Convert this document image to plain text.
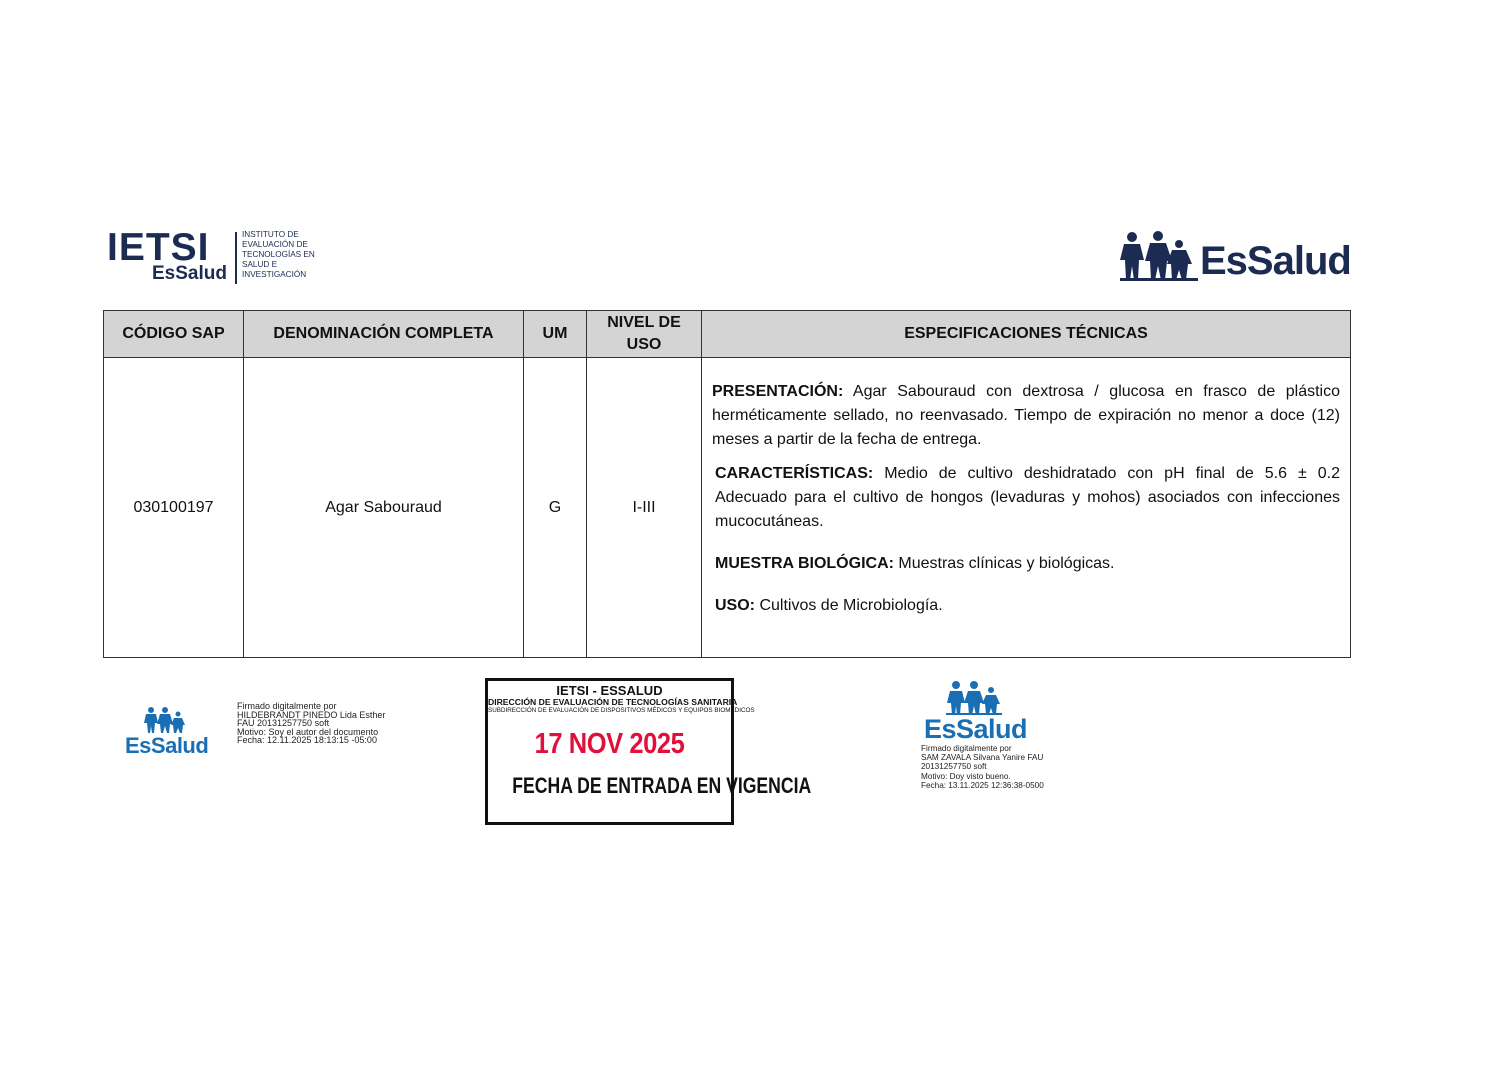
IETSI
EsSalud
INSTITUTO DE
EVALUACIÓN DE
TECNOLOGÍAS EN
SALUD E
INVESTIGACIÓN	EsSalud
CÓDIGO SAP	DENOMINACIÓN COMPLETA	UM	NIVEL DE USO	ESPECIFICACIONES TÉCNICAS
030100197	Agar Sabouraud	G	I-III	PRESENTACIÓN: Agar Sabouraud con dextrosa / glucosa en frasco de plástico herméticamente sellado, no reenvasado. Tiempo de expiración no menor a doce (12) meses a partir de la fecha de entrega.
CARACTERÍSTICAS: Medio de cultivo deshidratado con pH final de 5.6 ± 0.2 Adecuado para el cultivo de hongos (levaduras y mohos) asociados con infecciones mucocutáneas.
MUESTRA BIOLÓGICA: Muestras clínicas y biológicas.
USO: Cultivos de Microbiología.
EsSalud
Firmado digitalmente por
HILDEBRANDT PINEDO Lida Esther
FAU 20131257750 soft
Motivo: Soy el autor del documento
Fecha: 12.11.2025 18:13:15 -05:00
IETSI - ESSALUD
DIRECCIÓN DE EVALUACIÓN DE TECNOLOGÍAS SANITARIA
SUBDIRECCIÓN DE EVALUACIÓN DE DISPOSITIVOS MÉDICOS Y EQUIPOS BIOMÉDICOS
17 NOV 2025
FECHA DE ENTRADA EN VIGENCIA
EsSalud
Firmado digitalmente por
SAM ZAVALA Silvana Yanire FAU
20131257750 soft
Motivo: Doy visto bueno.
Fecha: 13.11.2025 12:36:38-0500
